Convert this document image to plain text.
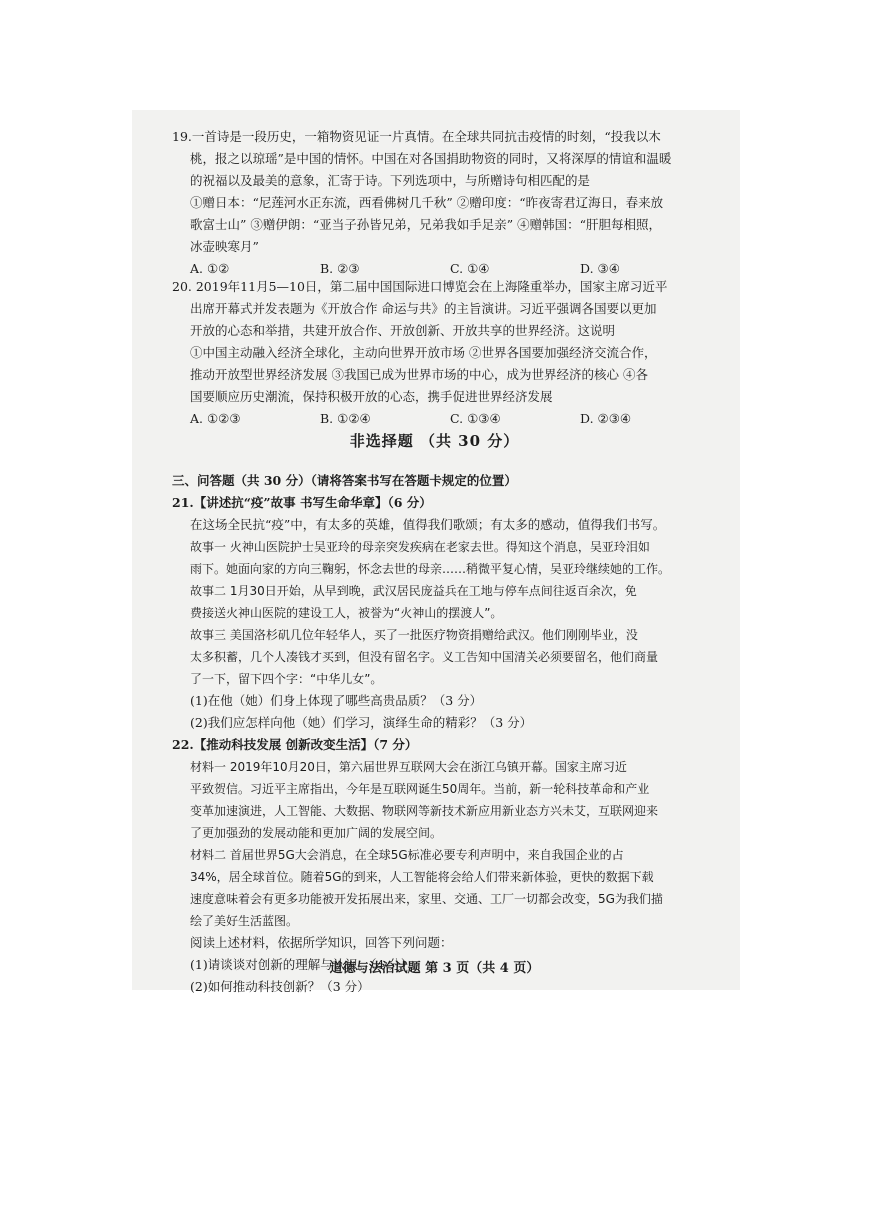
19.一首诗是一段历史，一箱物资见证一片真情。在全球共同抗击疫情的时刻，“投我以木
桃，报之以琼瑶”是中国的情怀。中国在对各国捐助物资的同时，又将深厚的情谊和温暖
的祝福以及最美的意象，汇寄于诗。下列选项中，与所赠诗句相匹配的是
①赠日本：“尼莲河水正东流，西看佛树几千秋” ②赠印度：“昨夜寄君辽海日，春来放
歌富士山” ③赠伊朗：“亚当子孙皆兄弟，兄弟我如手足亲” ④赠韩国：“肝胆每相照，
冰壶映寒月”
A. ①②	B. ②③	C. ①④	D. ③④
20. 2019年11月5—10日，第二届中国国际进口博览会在上海隆重举办，国家主席习近平
出席开幕式并发表题为《开放合作 命运与共》的主旨演讲。习近平强调各国要以更加
开放的心态和举措，共建开放合作、开放创新、开放共享的世界经济。这说明
①中国主动融入经济全球化，主动向世界开放市场 ②世界各国要加强经济交流合作，
推动开放型世界经济发展 ③我国已成为世界市场的中心，成为世界经济的核心 ④各
国要顺应历史潮流，保持积极开放的心态，携手促进世界经济发展
A. ①②③	B. ①②④	C. ①③④	D. ②③④
非选择题 （共 30 分）
三、问答题（共 30 分）（请将答案书写在答题卡规定的位置）
21.【讲述抗“疫”故事 书写生命华章】（6 分）
在这场全民抗“疫”中，有太多的英雄，值得我们歌颂；有太多的感动，值得我们书写。
故事一 火神山医院护士吴亚玲的母亲突发疾病在老家去世。得知这个消息，吴亚玲泪如
雨下。她面向家的方向三鞠躬，怀念去世的母亲……稍微平复心情，吴亚玲继续她的工作。
故事二 1月30日开始，从早到晚，武汉居民庞益兵在工地与停车点间往返百余次，免
费接送火神山医院的建设工人，被誉为“火神山的摆渡人”。
故事三 美国洛杉矶几位年轻华人，买了一批医疗物资捐赠给武汉。他们刚刚毕业，没
太多积蓄，几个人凑钱才买到，但没有留名字。义工告知中国清关必须要留名，他们商量
了一下，留下四个字：“中华儿女”。
(1)在他（她）们身上体现了哪些高贵品质？（3 分）
(2)我们应怎样向他（她）们学习，演绎生命的精彩？（3 分）
22.【推动科技发展 创新改变生活】（7 分）
材料一 2019年10月20日，第六届世界互联网大会在浙江乌镇开幕。国家主席习近
平致贺信。习近平主席指出，今年是互联网诞生50周年。当前，新一轮科技革命和产业
变革加速演进，人工智能、大数据、物联网等新技术新应用新业态方兴未艾，互联网迎来
了更加强劲的发展动能和更加广阔的发展空间。
材料二 首届世界5G大会消息，在全球5G标准必要专利声明中，来自我国企业的占
34%，居全球首位。随着5G的到来，人工智能将会给人们带来新体验，更快的数据下载
速度意味着会有更多功能被开发拓展出来，家里、交通、工厂一切都会改变，5G为我们描
绘了美好生活蓝图。
阅读上述材料，依据所学知识，回答下列问题：
(1)请谈谈对创新的理解与认识。（4 分）
(2)如何推动科技创新？（3 分）
道德与法治试题 第 3 页（共 4 页）
